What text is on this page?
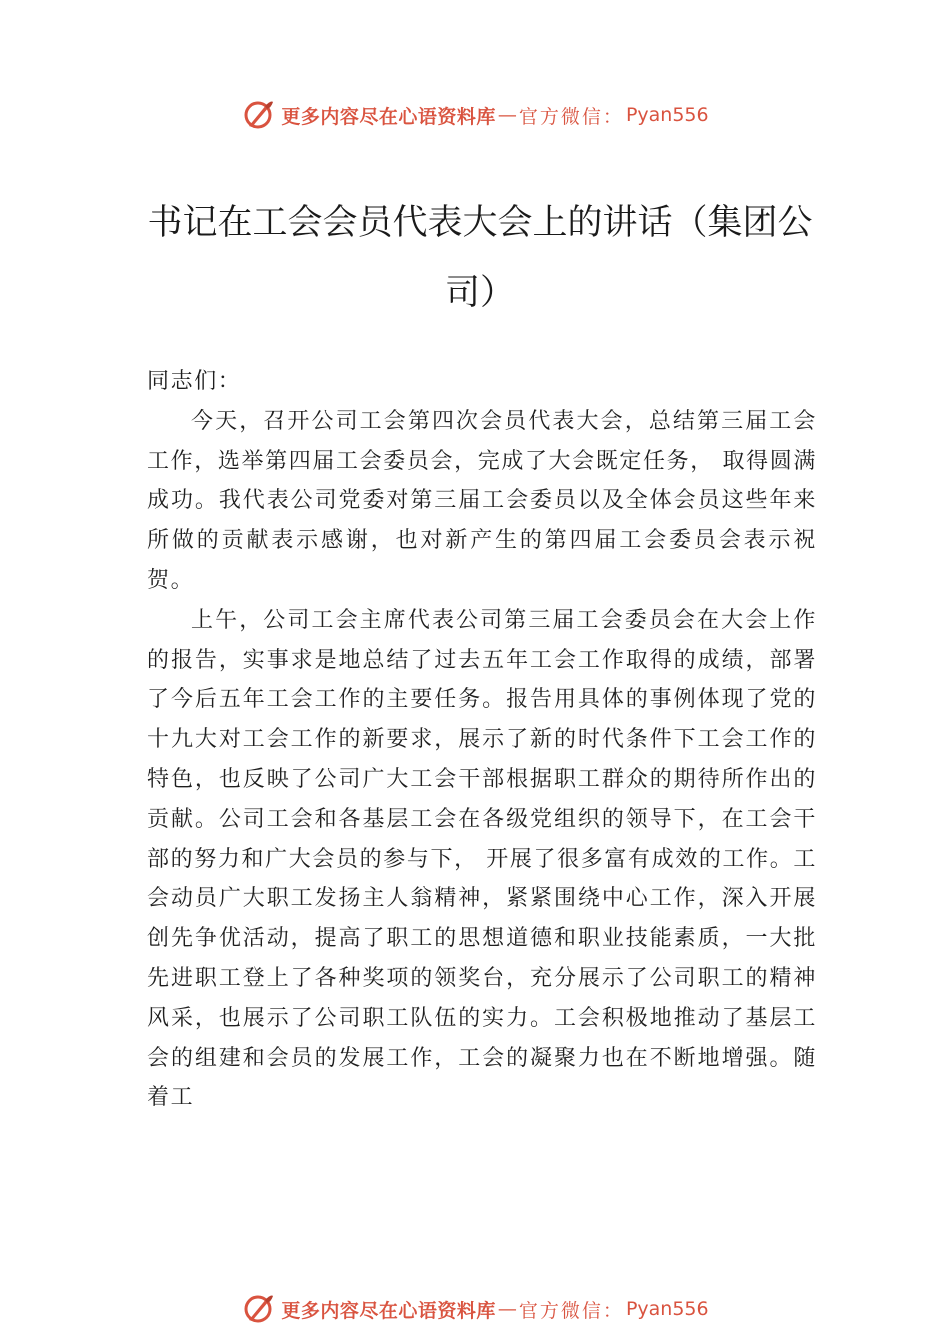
更多内容尽在心语资料库 — 官方微信： Pyan556
书记在工会会员代表大会上的讲话（集团公司）

同志们：

今天，召开公司工会第四次会员代表大会，总结第三届工会工作，选举第四届工会委员会，完成了大会既定任务， 取得圆满成功。我代表公司党委对第三届工会委员以及全体会员这些年来所做的贡献表示感谢，也对新产生的第四届工会委员会表示祝贺。

上午，公司工会主席代表公司第三届工会委员会在大会上作的报告，实事求是地总结了过去五年工会工作取得的成绩，部署了今后五年工会工作的主要任务。报告用具体的事例体现了党的十九大对工会工作的新要求，展示了新的时代条件下工会工作的特色，也反映了公司广大工会干部根据职工群众的期待所作出的贡献。公司工会和各基层工会在各级党组织的领导下，在工会干部的努力和广大会员的参与下， 开展了很多富有成效的工作。工会动员广大职工发扬主人翁精神，紧紧围绕中心工作，深入开展创先争优活动，提高了职工的思想道德和职业技能素质，一大批先进职工登上了各种奖项的领奖台，充分展示了公司职工的精神风采，也展示了公司职工队伍的实力。工会积极地推动了基层工会的组建和会员的发展工作，工会的凝聚力也在不断地增强。随着工

更多内容尽在心语资料库 — 官方微信： Pyan556
